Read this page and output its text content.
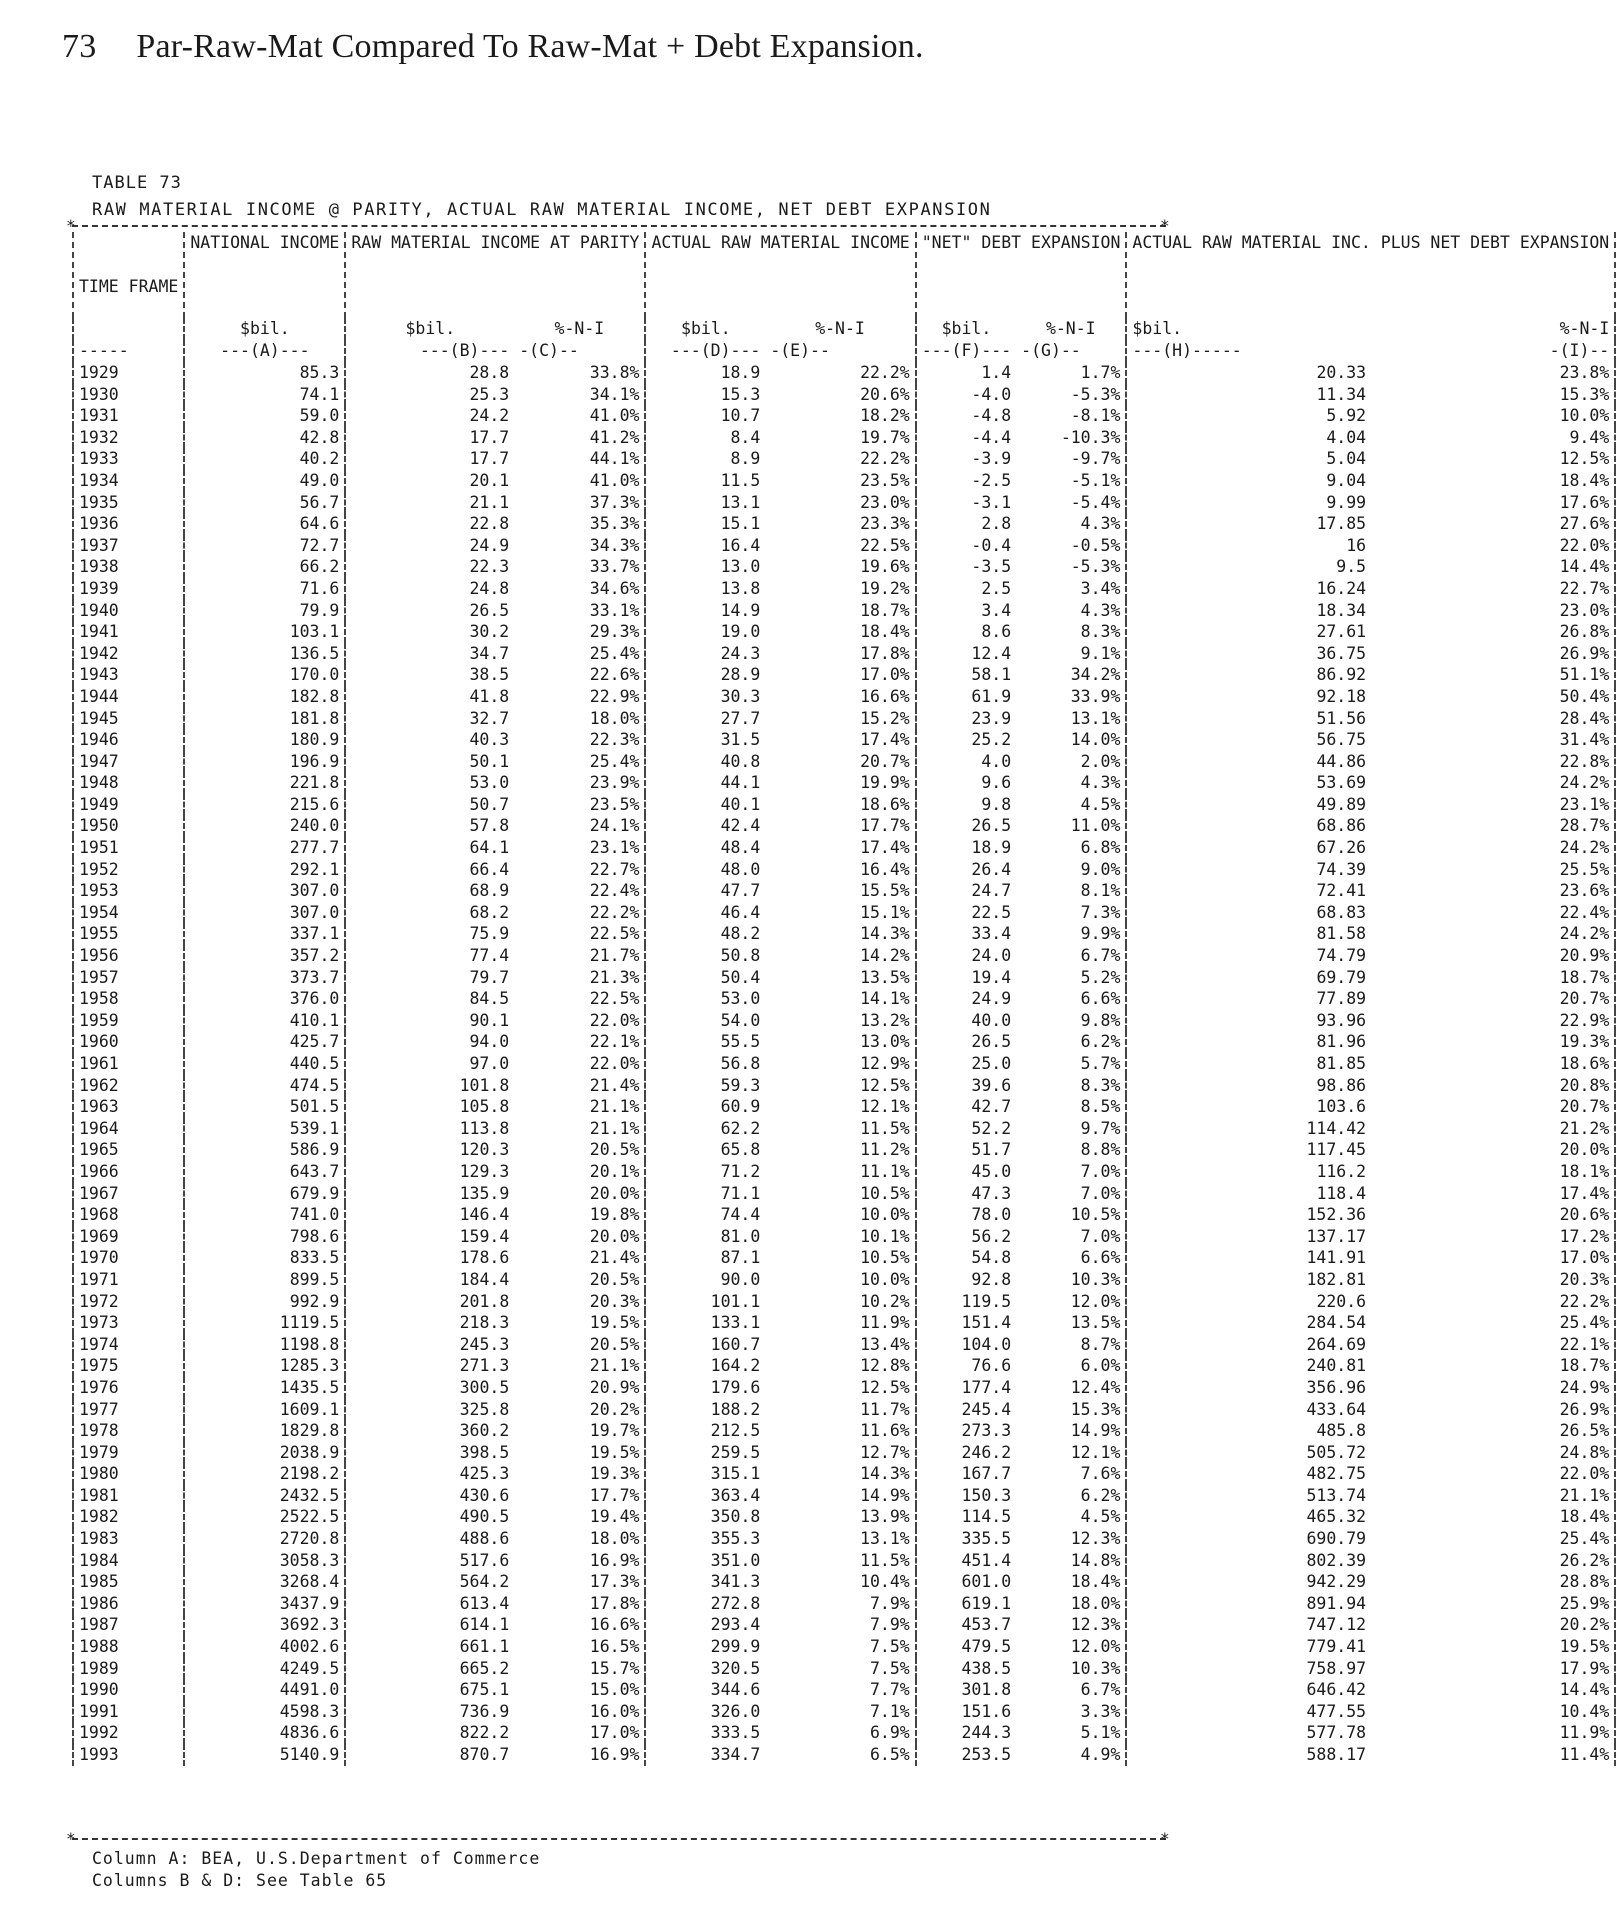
73 Par-Raw-Mat Compared To Raw-Mat + Debt Expansion.
TABLE 73
RAW MATERIAL INCOME @ PARITY, ACTUAL RAW MATERIAL INCOME, NET DEBT EXPANSION
*	*
TIME FRAME	NATIONAL INCOME	RAW MATERIAL INCOME AT PARITY		ACTUAL RAW MATERIAL INCOME		"NET" DEBT EXPANSION		ACTUAL RAW MATERIAL INC. PLUS NET DEBT EXPANSION	
	$bil.	$bil.	%-N-I	$bil.	%-N-I	$bil.	%-N-I	$bil.	%-N-I
-----	---(A)---	---(B)---	-(C)--	---(D)---	-(E)--	---(F)---	-(G)--	---(H)-----	-(I)--
1929	85.3	28.8	33.8%	18.9	22.2%	1.4	1.7%	20.33	23.8%
1930	74.1	25.3	34.1%	15.3	20.6%	-4.0	-5.3%	11.34	15.3%
1931	59.0	24.2	41.0%	10.7	18.2%	-4.8	-8.1%	5.92	10.0%
1932	42.8	17.7	41.2%	8.4	19.7%	-4.4	-10.3%	4.04	9.4%
1933	40.2	17.7	44.1%	8.9	22.2%	-3.9	-9.7%	5.04	12.5%
1934	49.0	20.1	41.0%	11.5	23.5%	-2.5	-5.1%	9.04	18.4%
1935	56.7	21.1	37.3%	13.1	23.0%	-3.1	-5.4%	9.99	17.6%
1936	64.6	22.8	35.3%	15.1	23.3%	2.8	4.3%	17.85	27.6%
1937	72.7	24.9	34.3%	16.4	22.5%	-0.4	-0.5%	16	22.0%
1938	66.2	22.3	33.7%	13.0	19.6%	-3.5	-5.3%	9.5	14.4%
1939	71.6	24.8	34.6%	13.8	19.2%	2.5	3.4%	16.24	22.7%
1940	79.9	26.5	33.1%	14.9	18.7%	3.4	4.3%	18.34	23.0%
1941	103.1	30.2	29.3%	19.0	18.4%	8.6	8.3%	27.61	26.8%
1942	136.5	34.7	25.4%	24.3	17.8%	12.4	9.1%	36.75	26.9%
1943	170.0	38.5	22.6%	28.9	17.0%	58.1	34.2%	86.92	51.1%
1944	182.8	41.8	22.9%	30.3	16.6%	61.9	33.9%	92.18	50.4%
1945	181.8	32.7	18.0%	27.7	15.2%	23.9	13.1%	51.56	28.4%
1946	180.9	40.3	22.3%	31.5	17.4%	25.2	14.0%	56.75	31.4%
1947	196.9	50.1	25.4%	40.8	20.7%	4.0	2.0%	44.86	22.8%
1948	221.8	53.0	23.9%	44.1	19.9%	9.6	4.3%	53.69	24.2%
1949	215.6	50.7	23.5%	40.1	18.6%	9.8	4.5%	49.89	23.1%
1950	240.0	57.8	24.1%	42.4	17.7%	26.5	11.0%	68.86	28.7%
1951	277.7	64.1	23.1%	48.4	17.4%	18.9	6.8%	67.26	24.2%
1952	292.1	66.4	22.7%	48.0	16.4%	26.4	9.0%	74.39	25.5%
1953	307.0	68.9	22.4%	47.7	15.5%	24.7	8.1%	72.41	23.6%
1954	307.0	68.2	22.2%	46.4	15.1%	22.5	7.3%	68.83	22.4%
1955	337.1	75.9	22.5%	48.2	14.3%	33.4	9.9%	81.58	24.2%
1956	357.2	77.4	21.7%	50.8	14.2%	24.0	6.7%	74.79	20.9%
1957	373.7	79.7	21.3%	50.4	13.5%	19.4	5.2%	69.79	18.7%
1958	376.0	84.5	22.5%	53.0	14.1%	24.9	6.6%	77.89	20.7%
1959	410.1	90.1	22.0%	54.0	13.2%	40.0	9.8%	93.96	22.9%
1960	425.7	94.0	22.1%	55.5	13.0%	26.5	6.2%	81.96	19.3%
1961	440.5	97.0	22.0%	56.8	12.9%	25.0	5.7%	81.85	18.6%
1962	474.5	101.8	21.4%	59.3	12.5%	39.6	8.3%	98.86	20.8%
1963	501.5	105.8	21.1%	60.9	12.1%	42.7	8.5%	103.6	20.7%
1964	539.1	113.8	21.1%	62.2	11.5%	52.2	9.7%	114.42	21.2%
1965	586.9	120.3	20.5%	65.8	11.2%	51.7	8.8%	117.45	20.0%
1966	643.7	129.3	20.1%	71.2	11.1%	45.0	7.0%	116.2	18.1%
1967	679.9	135.9	20.0%	71.1	10.5%	47.3	7.0%	118.4	17.4%
1968	741.0	146.4	19.8%	74.4	10.0%	78.0	10.5%	152.36	20.6%
1969	798.6	159.4	20.0%	81.0	10.1%	56.2	7.0%	137.17	17.2%
1970	833.5	178.6	21.4%	87.1	10.5%	54.8	6.6%	141.91	17.0%
1971	899.5	184.4	20.5%	90.0	10.0%	92.8	10.3%	182.81	20.3%
1972	992.9	201.8	20.3%	101.1	10.2%	119.5	12.0%	220.6	22.2%
1973	1119.5	218.3	19.5%	133.1	11.9%	151.4	13.5%	284.54	25.4%
1974	1198.8	245.3	20.5%	160.7	13.4%	104.0	8.7%	264.69	22.1%
1975	1285.3	271.3	21.1%	164.2	12.8%	76.6	6.0%	240.81	18.7%
1976	1435.5	300.5	20.9%	179.6	12.5%	177.4	12.4%	356.96	24.9%
1977	1609.1	325.8	20.2%	188.2	11.7%	245.4	15.3%	433.64	26.9%
1978	1829.8	360.2	19.7%	212.5	11.6%	273.3	14.9%	485.8	26.5%
1979	2038.9	398.5	19.5%	259.5	12.7%	246.2	12.1%	505.72	24.8%
1980	2198.2	425.3	19.3%	315.1	14.3%	167.7	7.6%	482.75	22.0%
1981	2432.5	430.6	17.7%	363.4	14.9%	150.3	6.2%	513.74	21.1%
1982	2522.5	490.5	19.4%	350.8	13.9%	114.5	4.5%	465.32	18.4%
1983	2720.8	488.6	18.0%	355.3	13.1%	335.5	12.3%	690.79	25.4%
1984	3058.3	517.6	16.9%	351.0	11.5%	451.4	14.8%	802.39	26.2%
1985	3268.4	564.2	17.3%	341.3	10.4%	601.0	18.4%	942.29	28.8%
1986	3437.9	613.4	17.8%	272.8	7.9%	619.1	18.0%	891.94	25.9%
1987	3692.3	614.1	16.6%	293.4	7.9%	453.7	12.3%	747.12	20.2%
1988	4002.6	661.1	16.5%	299.9	7.5%	479.5	12.0%	779.41	19.5%
1989	4249.5	665.2	15.7%	320.5	7.5%	438.5	10.3%	758.97	17.9%
1990	4491.0	675.1	15.0%	344.6	7.7%	301.8	6.7%	646.42	14.4%
1991	4598.3	736.9	16.0%	326.0	7.1%	151.6	3.3%	477.55	10.4%
1992	4836.6	822.2	17.0%	333.5	6.9%	244.3	5.1%	577.78	11.9%
1993	5140.9	870.7	16.9%	334.7	6.5%	253.5	4.9%	588.17	11.4%
*	*
Column A: BEA, U.S.Department of Commerce
Columns B & D: See Table 65
